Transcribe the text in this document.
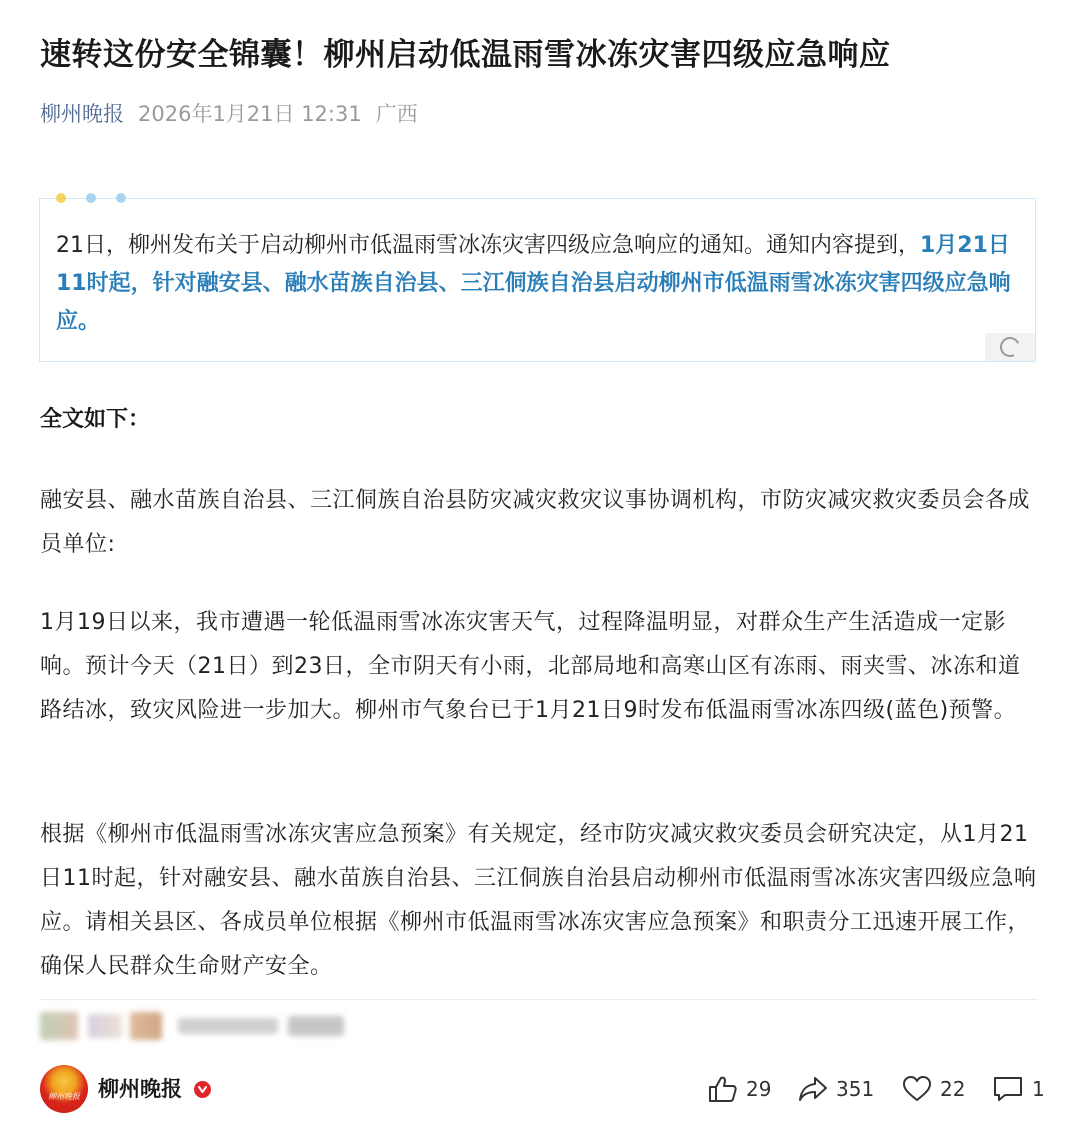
速转这份安全锦囊！柳州启动低温雨雪冰冻灾害四级应急响应
柳州晚报 2026年1月21日 12:31 广西
21日，柳州发布关于启动柳州市低温雨雪冰冻灾害四级应急响应的通知。通知内容提到，1月21日11时起，针对融安县、融水苗族自治县、三江侗族自治县启动柳州市低温雨雪冰冻灾害四级应急响应。
全文如下：
融安县、融水苗族自治县、三江侗族自治县防灾减灾救灾议事协调机构，市防灾减灾救灾委员会各成员单位:
1月19日以来，我市遭遇一轮低温雨雪冰冻灾害天气，过程降温明显，对群众生产生活造成一定影响。预计今天（21日）到23日，全市阴天有小雨，北部局地和高寒山区有冻雨、雨夹雪、冰冻和道路结冰，致灾风险进一步加大。柳州市气象台已于1月21日9时发布低温雨雪冰冻四级(蓝色)预警。
根据《柳州市低温雨雪冰冻灾害应急预案》有关规定，经市防灾减灾救灾委员会研究决定，从1月21日11时起，针对融安县、融水苗族自治县、三江侗族自治县启动柳州市低温雨雪冰冻灾害四级应急响应。请相关县区、各成员单位根据《柳州市低温雨雪冰冻灾害应急预案》和职责分工迅速开展工作，确保人民群众生命财产安全。
柳州晚报 柳州晚报	29	351	22	1
